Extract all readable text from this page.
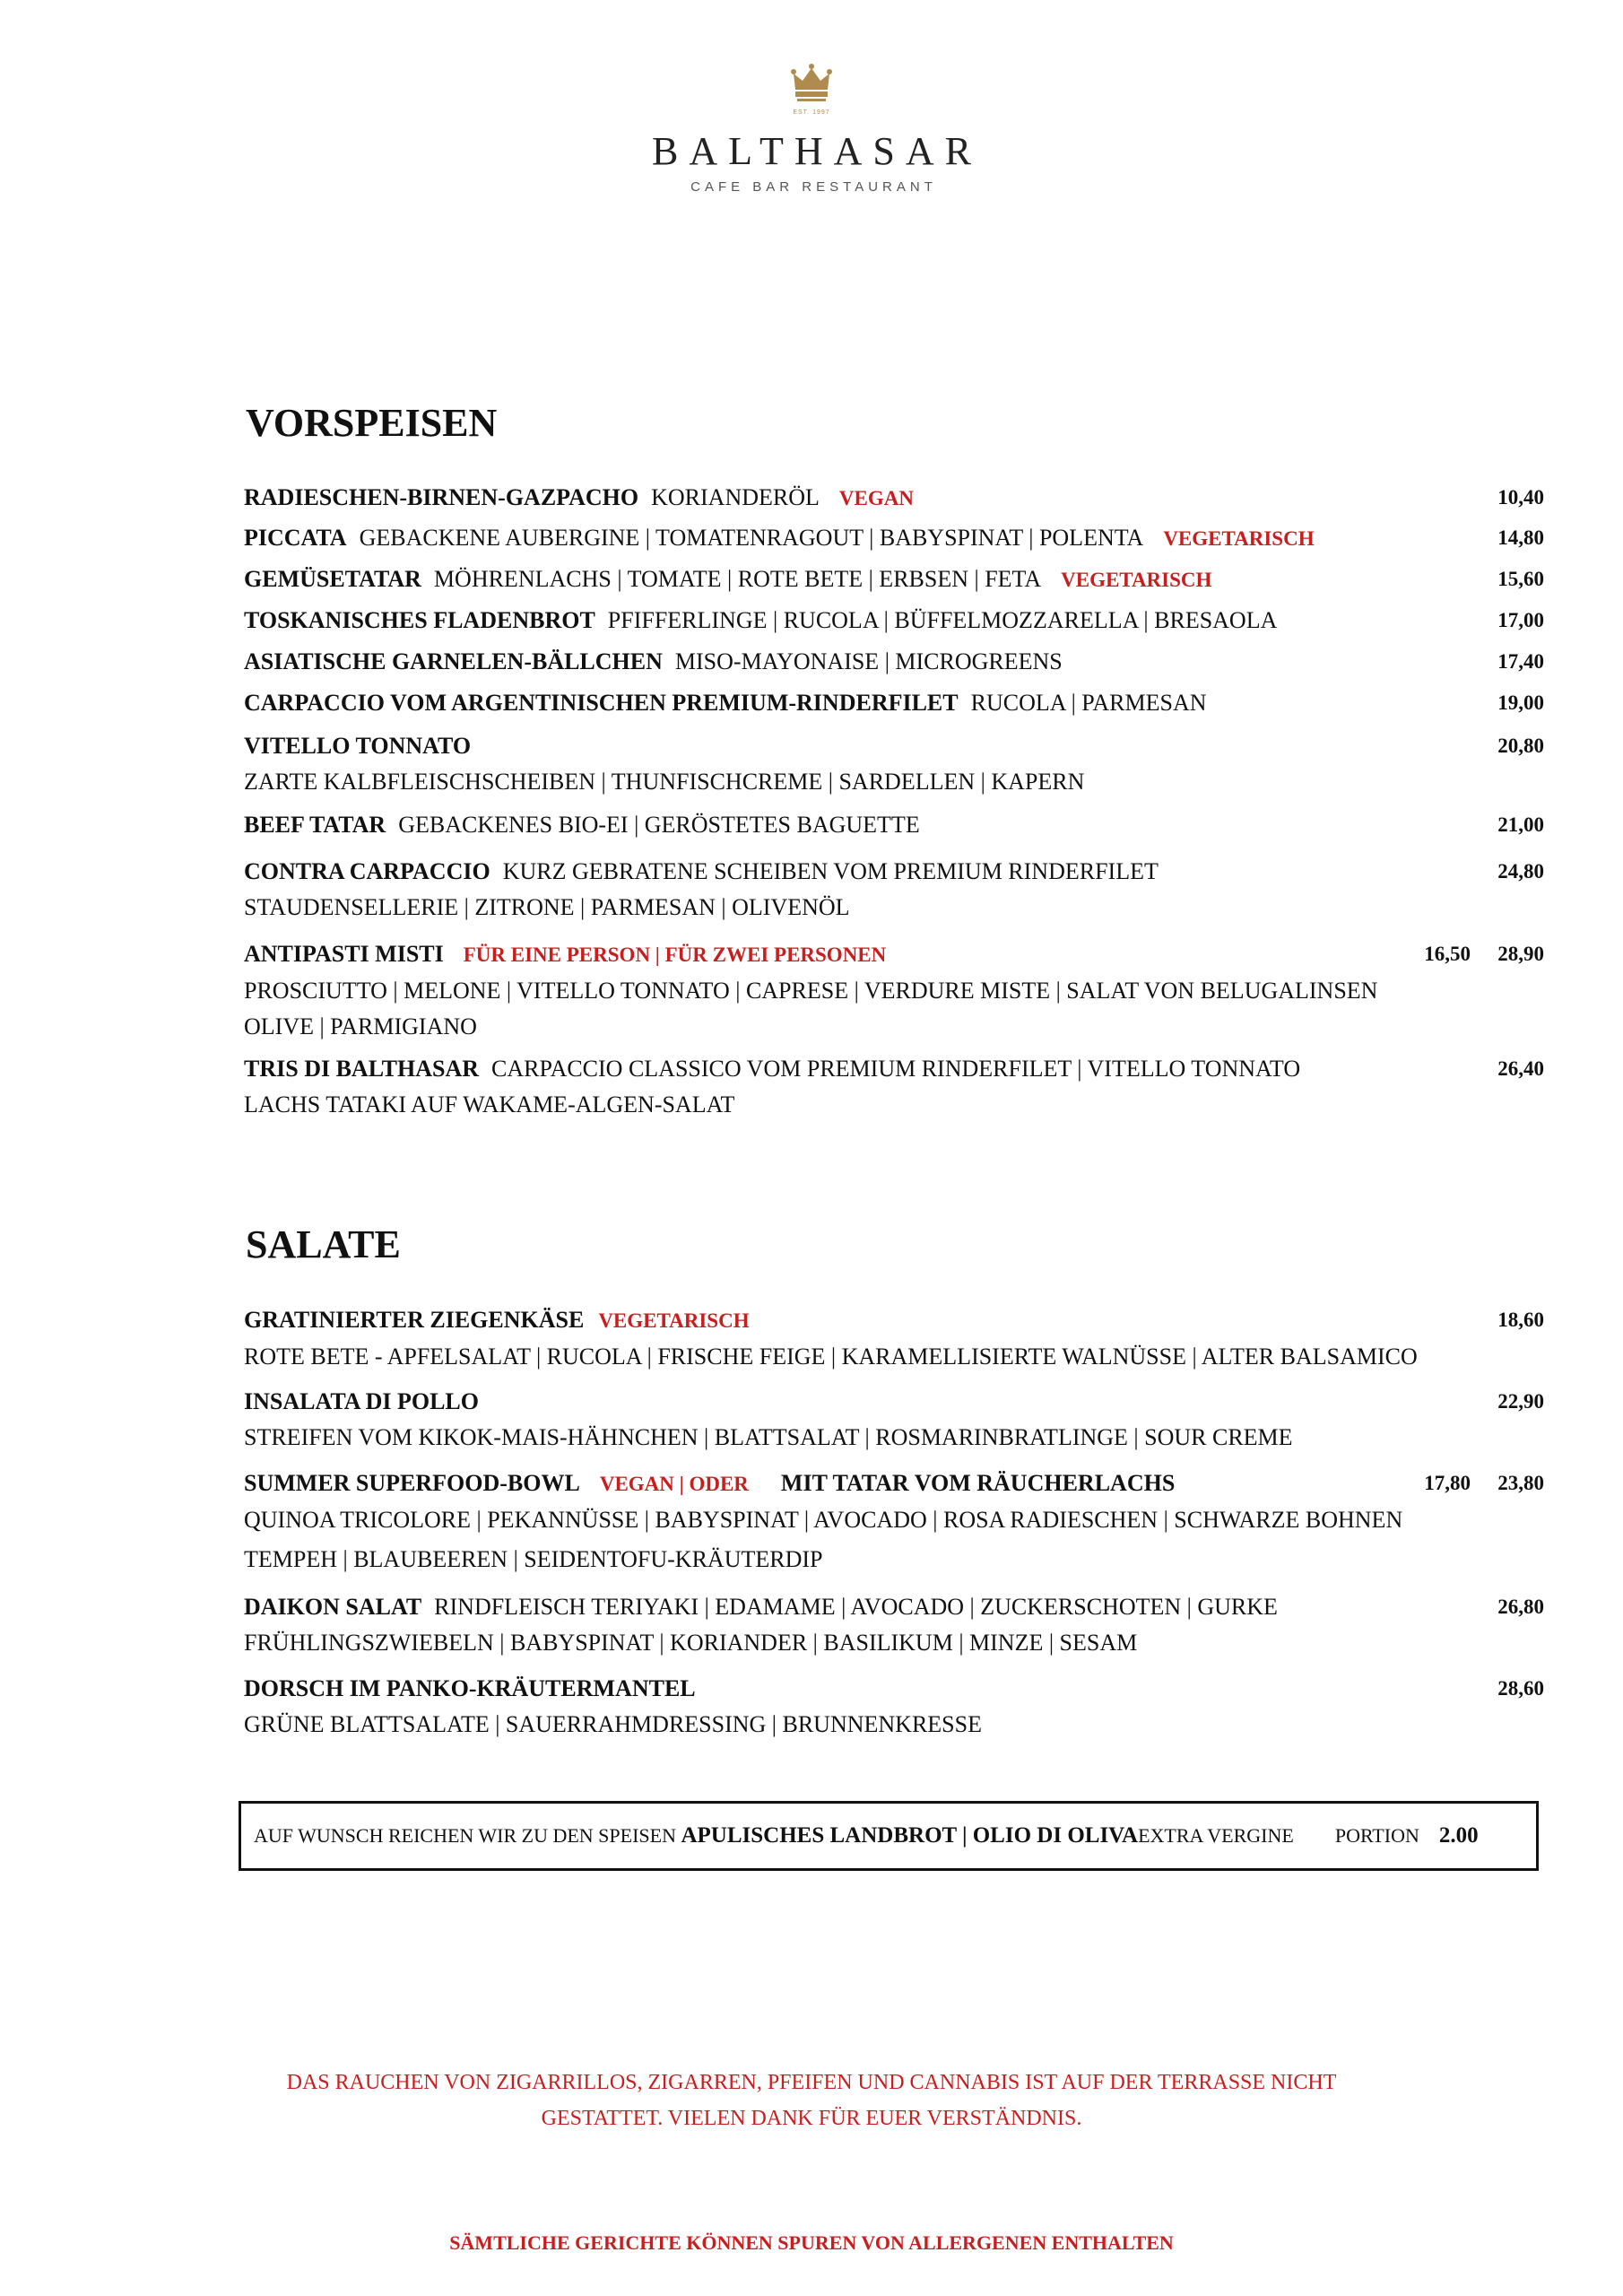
EST. 1997
BALTHASAR
CAFE BAR RESTAURANT
VORSPEISEN
RADIESCHEN-BIRNEN-GAZPACHO KORIANDERÖL VEGAN	10,40
PICCATA GEBACKENE AUBERGINE | TOMATENRAGOUT | BABYSPINAT | POLENTA VEGETARISCH	14,80
GEMÜSETATAR MÖHRENLACHS | TOMATE | ROTE BETE | ERBSEN | FETA VEGETARISCH	15,60
TOSKANISCHES FLADENBROT PFIFFERLINGE | RUCOLA | BÜFFELMOZZARELLA | BRESAOLA	17,00
ASIATISCHE GARNELEN-BÄLLCHEN MISO-MAYONAISE | MICROGREENS	17,40
CARPACCIO VOM ARGENTINISCHEN PREMIUM-RINDERFILET RUCOLA | PARMESAN	19,00
VITELLO TONNATO
ZARTE KALBFLEISCHSCHEIBEN | THUNFISCHCREME | SARDELLEN | KAPERN
20,80
BEEF TATAR GEBACKENES BIO-EI | GERÖSTETES BAGUETTE	21,00
CONTRA CARPACCIO KURZ GEBRATENE SCHEIBEN VOM PREMIUM RINDERFILET
STAUDENSELLERIE | ZITRONE | PARMESAN | OLIVENÖL
24,80
ANTIPASTI MISTI FÜR EINE PERSON | FÜR ZWEI PERSONEN
PROSCIUTTO | MELONE | VITELLO TONNATO | CAPRESE | VERDURE MISTE | SALAT VON BELUGALINSEN
OLIVE | PARMIGIANO
16,50 28,90
TRIS DI BALTHASAR CARPACCIO CLASSICO VOM PREMIUM RINDERFILET | VITELLO TONNATO
LACHS TATAKI AUF WAKAME-ALGEN-SALAT
26,40
SALATE
GRATINIERTER ZIEGENKÄSE VEGETARISCH
ROTE BETE - APFELSALAT | RUCOLA | FRISCHE FEIGE | KARAMELLISIERTE WALNÜSSE | ALTER BALSAMICO
18,60
INSALATA DI POLLO
STREIFEN VOM KIKOK-MAIS-HÄHNCHEN | BLATTSALAT | ROSMARINBRATLINGE | SOUR CREME
22,90
SUMMER SUPERFOOD-BOWL VEGAN | ODER MIT TATAR VOM RÄUCHERLACHS
QUINOA TRICOLORE | PEKANNÜSSE | BABYSPINAT | AVOCADO | ROSA RADIESCHEN | SCHWARZE BOHNEN
TEMPEH | BLAUBEEREN | SEIDENTOFU-KRÄUTERDIP
17,80 23,80
DAIKON SALAT RINDFLEISCH TERIYAKI | EDAMAME | AVOCADO | ZUCKERSCHOTEN | GURKE
FRÜHLINGSZWIEBELN | BABYSPINAT | KORIANDER | BASILIKUM | MINZE | SESAM
26,80
DORSCH IM PANKO-KRÄUTERMANTEL
GRÜNE BLATTSALATE | SAUERRAHMDRESSING | BRUNNENKRESSE
28,60
AUF WUNSCH REICHEN WIR ZU DEN SPEISEN
APULISCHES LANDBROT | OLIO DI OLIVA EXTRA VERGINE PORTION 2.00
DAS RAUCHEN VON ZIGARRILLOS, ZIGARREN, PFEIFEN UND CANNABIS IST AUF DER TERRASSE NICHT
GESTATTET. VIELEN DANK FÜR EUER VERSTÄNDNIS.
SÄMTLICHE GERICHTE KÖNNEN SPUREN VON ALLERGENEN ENTHALTEN
